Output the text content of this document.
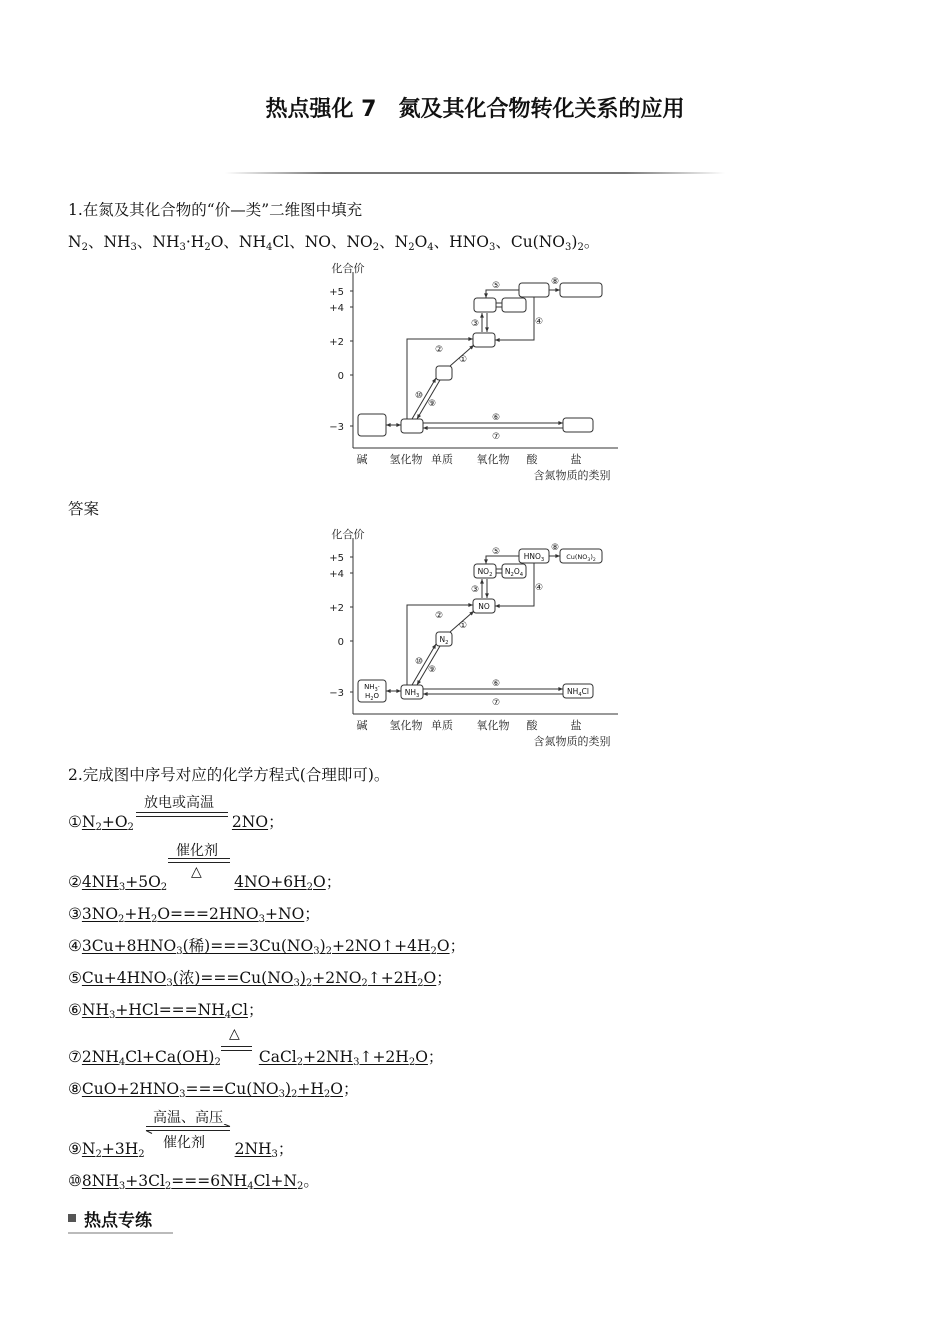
热点强化 7　氮及其化合物转化关系的应用
1.在氮及其化合物的“价—类”二维图中填充
$N_2$、$NH_3$、$NH_3\cdot H_2O$、$NH_4Cl$、NO、$NO_2$、$N_2O_4$、$HNO_3$、$Cu(NO_3)_2$。
化合价
+5
+4
+2
0
−3
碱 氢化物 单质 氧化物 酸	盐
含氮物质的类别
①
②
③	④
⑤	⑧
⑥
⑦
⑨
⑩
答案
化合价
+5
+4
+2
0
−3
碱 氢化物 单质 氧化物 酸	盐
含氮物质的类别
$NH_3\cdot$
$H_2O$	$NH_3$
$N_2$
NO
$NO_2$ $N_2O_4$
$HNO_3$	$Cu(NO_3)_2$
$NH_4Cl$
①
②
③	④
⑤	⑧
⑥
⑦
⑨
⑩
2.完成图中序号对应的化学方程式(合理即可)。
$①N_2+O_2$	2NO；
放电或高温
$②4NH_3+5O_2$	$4NO+6H_2O$；
催化剂
△
$③3NO_2+H_2O===2HNO_3+NO$；
$④3Cu+8HNO_3$(稀)$===3Cu(NO_3)_2+2NO↑+4H_2O$；
$⑤Cu+4HNO_3$(浓)$===Cu(NO_3)_2+2NO_2↑+2H_2O$；
$⑥NH_3+HCl===NH_4Cl$；
$⑦2NH_4Cl+Ca(OH)_2$ $CaCl_2+2NH_3↑+2H_2O$；
△
$⑧CuO+2HNO_3===Cu(NO_3)_2+H_2O$；
$⑨N_2+3H_2$	$2NH_3$；
高温、高压
催化剂
$⑩8NH_3+3Cl_2===6NH_4Cl+N_2$。
热点专练
